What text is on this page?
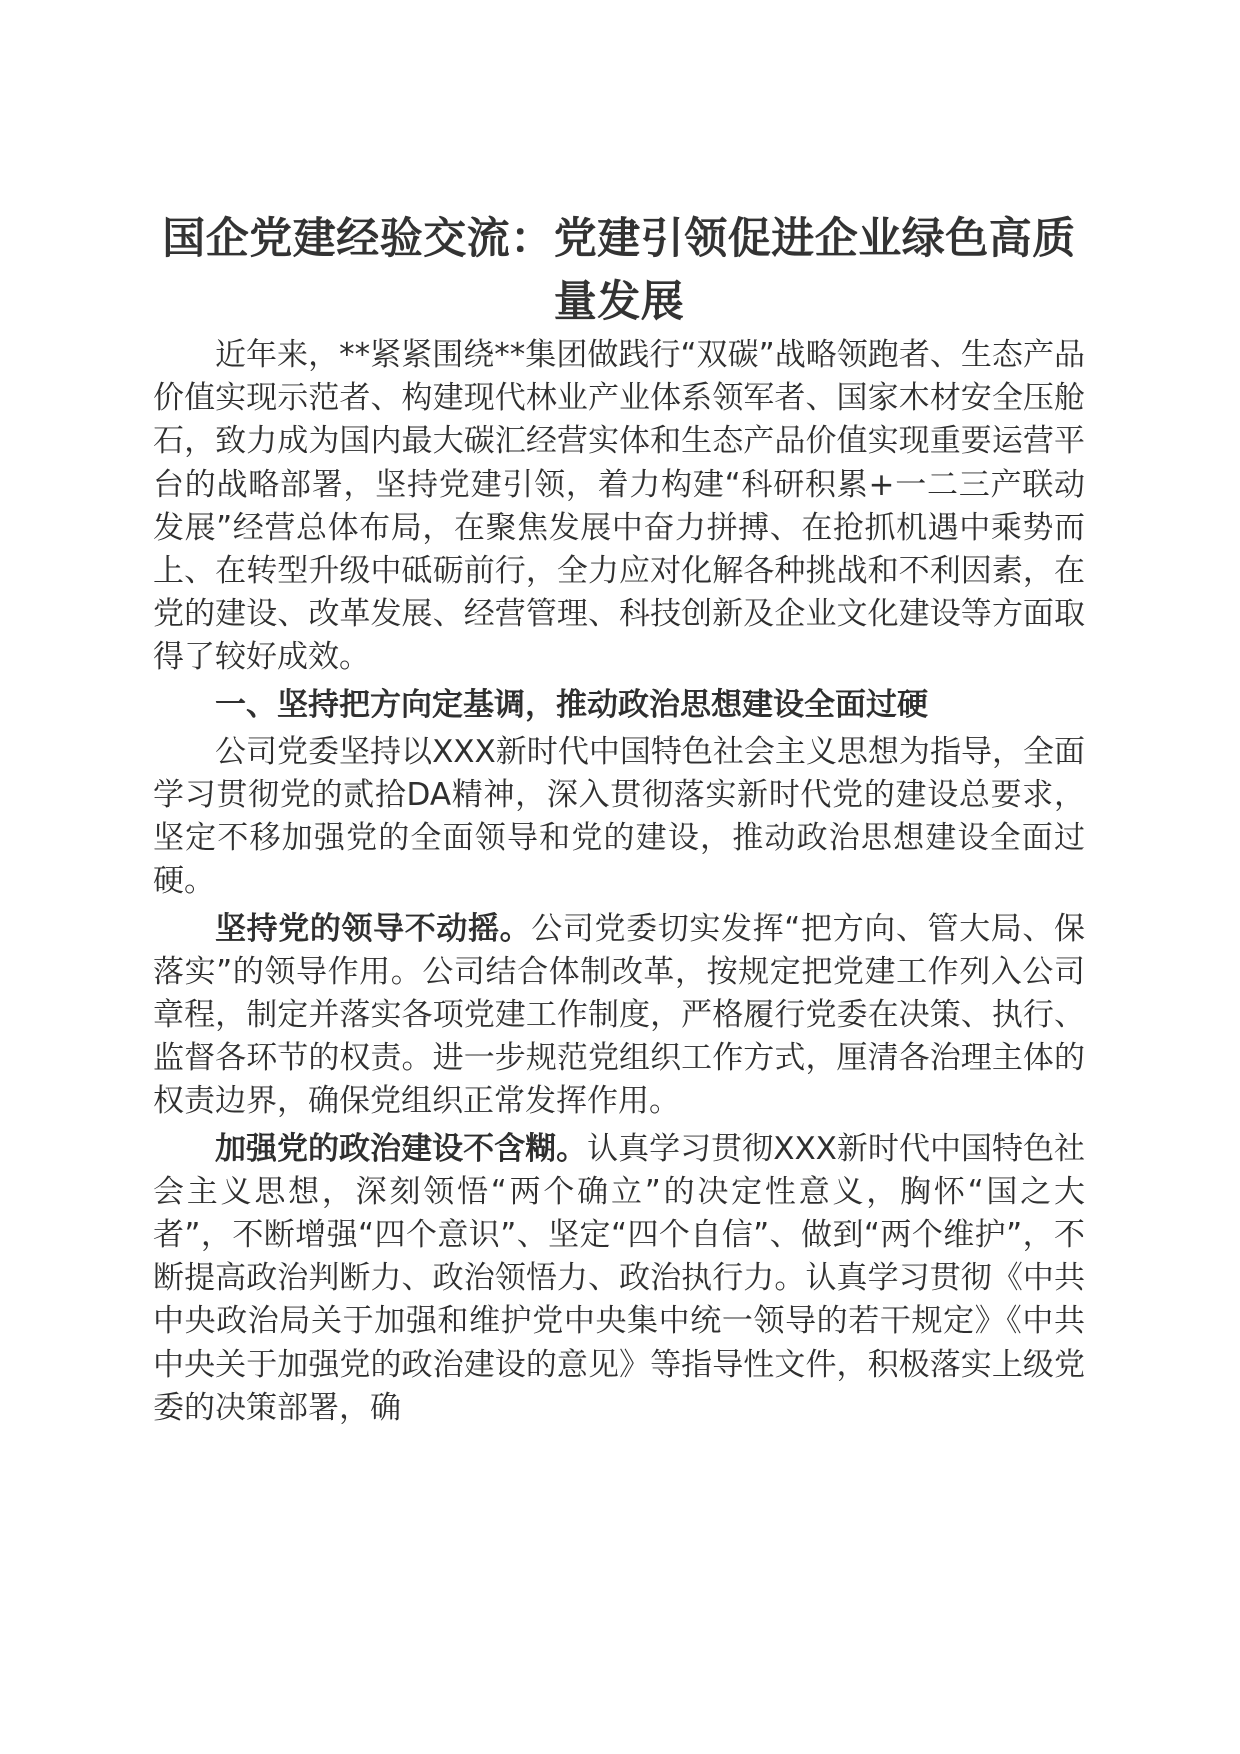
国企党建经验交流：党建引领促进企业绿色高质量发展

近年来，**紧紧围绕**集团做践行“双碳”战略领跑者、生态产品价值实现示范者、构建现代林业产业体系领军者、国家木材安全压舱石，致力成为国内最大碳汇经营实体和生态产品价值实现重要运营平台的战略部署，坚持党建引领，着力构建“科研积累+一二三产联动发展”经营总体布局，在聚焦发展中奋力拼搏、在抢抓机遇中乘势而上、在转型升级中砥砺前行，全力应对化解各种挑战和不利因素，在党的建设、改革发展、经营管理、科技创新及企业文化建设等方面取得了较好成效。

一、坚持把方向定基调，推动政治思想建设全面过硬

公司党委坚持以XXX新时代中国特色社会主义思想为指导，全面学习贯彻党的贰拾DA精神，深入贯彻落实新时代党的建设总要求，坚定不移加强党的全面领导和党的建设，推动政治思想建设全面过硬。

坚持党的领导不动摇。公司党委切实发挥“把方向、管大局、保落实”的领导作用。公司结合体制改革，按规定把党建工作列入公司章程，制定并落实各项党建工作制度，严格履行党委在决策、执行、监督各环节的权责。进一步规范党组织工作方式，厘清各治理主体的权责边界，确保党组织正常发挥作用。

加强党的政治建设不含糊。认真学习贯彻XXX新时代中国特色社会主义思想，深刻领悟“两个确立”的决定性意义，胸怀“国之大者”，不断增强“四个意识”、坚定“四个自信”、做到“两个维护”，不断提高政治判断力、政治领悟力、政治执行力。认真学习贯彻《中共中央政治局关于加强和维护党中央集中统一领导的若干规定》《中共中央关于加强党的政治建设的意见》等指导性文件，积极落实上级党委的决策部署，确
